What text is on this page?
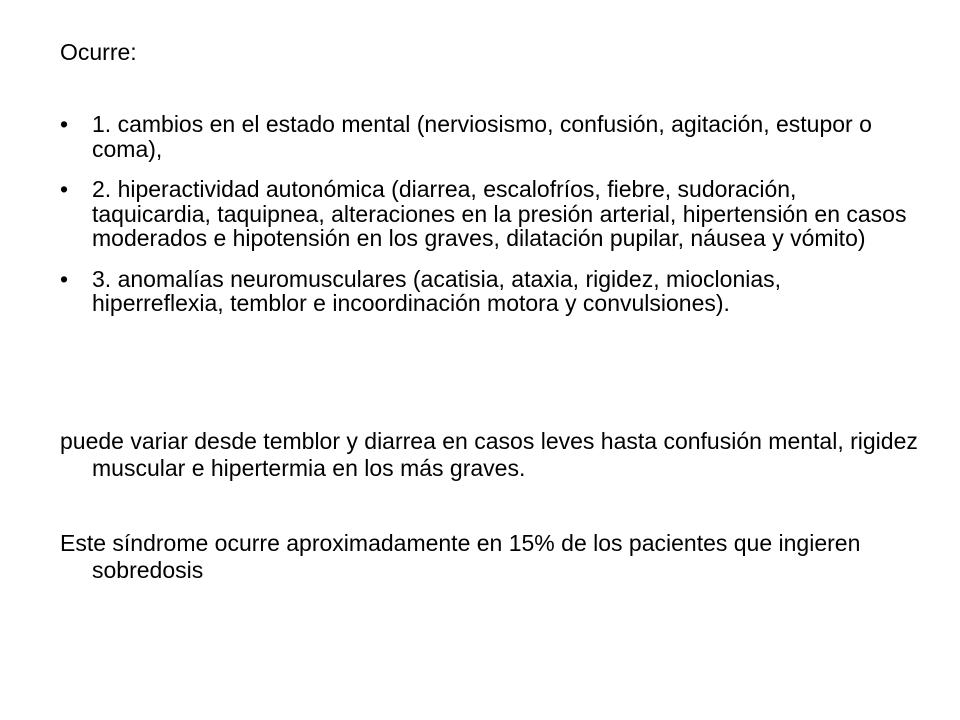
Ocurre:
• 1. cambios en el estado mental (nerviosismo, confusión, agitación, estupor o coma),
• 2. hiperactividad autonómica (diarrea, escalofríos, fiebre, sudoración, taquicardia, taquipnea, alteraciones en la presión arterial, hipertensión en casos moderados e hipotensión en los graves, dilatación pupilar, náusea y vómito)
• 3. anomalías neuromusculares (acatisia, ataxia, rigidez, mioclonias, hiperreflexia, temblor e incoordinación motora y convulsiones).

puede variar desde temblor y diarrea en casos leves hasta confusión mental, rigidez muscular e hipertermia en los más graves.

Este síndrome ocurre aproximadamente en 15% de los pacientes que ingieren sobredosis
